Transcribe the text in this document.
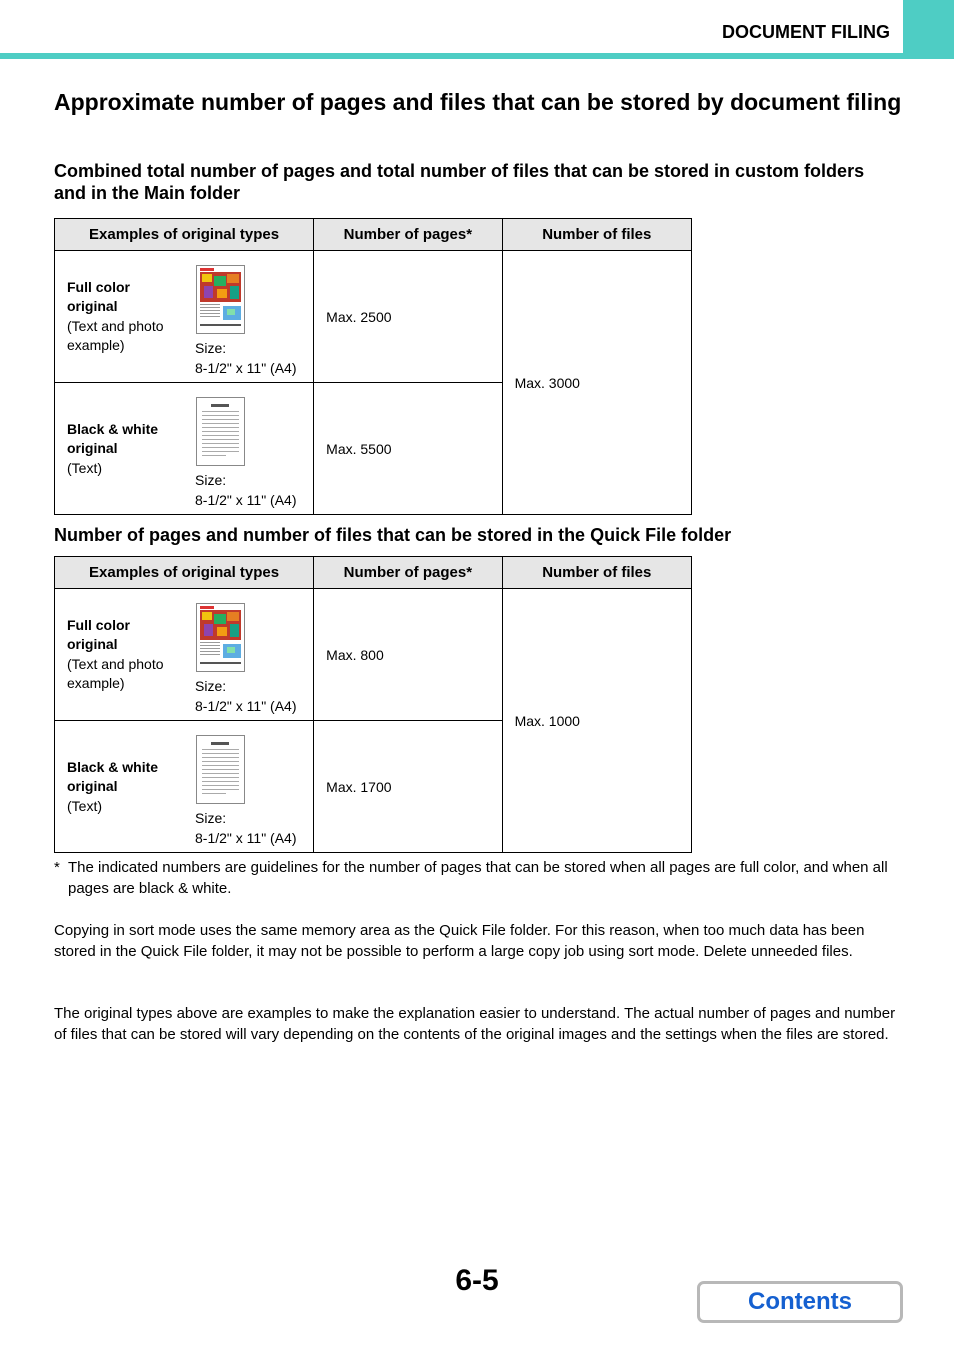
DOCUMENT FILING
Approximate number of pages and files that can be stored by document filing
Combined total number of pages and total number of files that can be stored in custom folders and in the Main folder
Examples of original types	Number of pages*	Number of files

Full color original
(Text and photo example) Size:
8-1/2" x 11" (A4)	Max. 2500	Max. 3000

Black & white original
(Text)
Size:
8-1/2" x 11" (A4)	Max. 5500	
Number of pages and number of files that can be stored in the Quick File folder
Examples of original types	Number of pages*	Number of files

Full color original
(Text and photo example) Size:
8-1/2" x 11" (A4)	Max. 800	Max. 1000

Black & white original
(Text)
Size:
8-1/2" x 11" (A4)	Max. 1700	
* The indicated numbers are guidelines for the number of pages that can be stored when all pages are full color, and when all pages are black & white.

Copying in sort mode uses the same memory area as the Quick File folder. For this reason, when too much data has been stored in the Quick File folder, it may not be possible to perform a large copy job using sort mode. Delete unneeded files.

The original types above are examples to make the explanation easier to understand. The actual number of pages and number of files that can be stored will vary depending on the contents of the original images and the settings when the files are stored.

6-5
Contents
